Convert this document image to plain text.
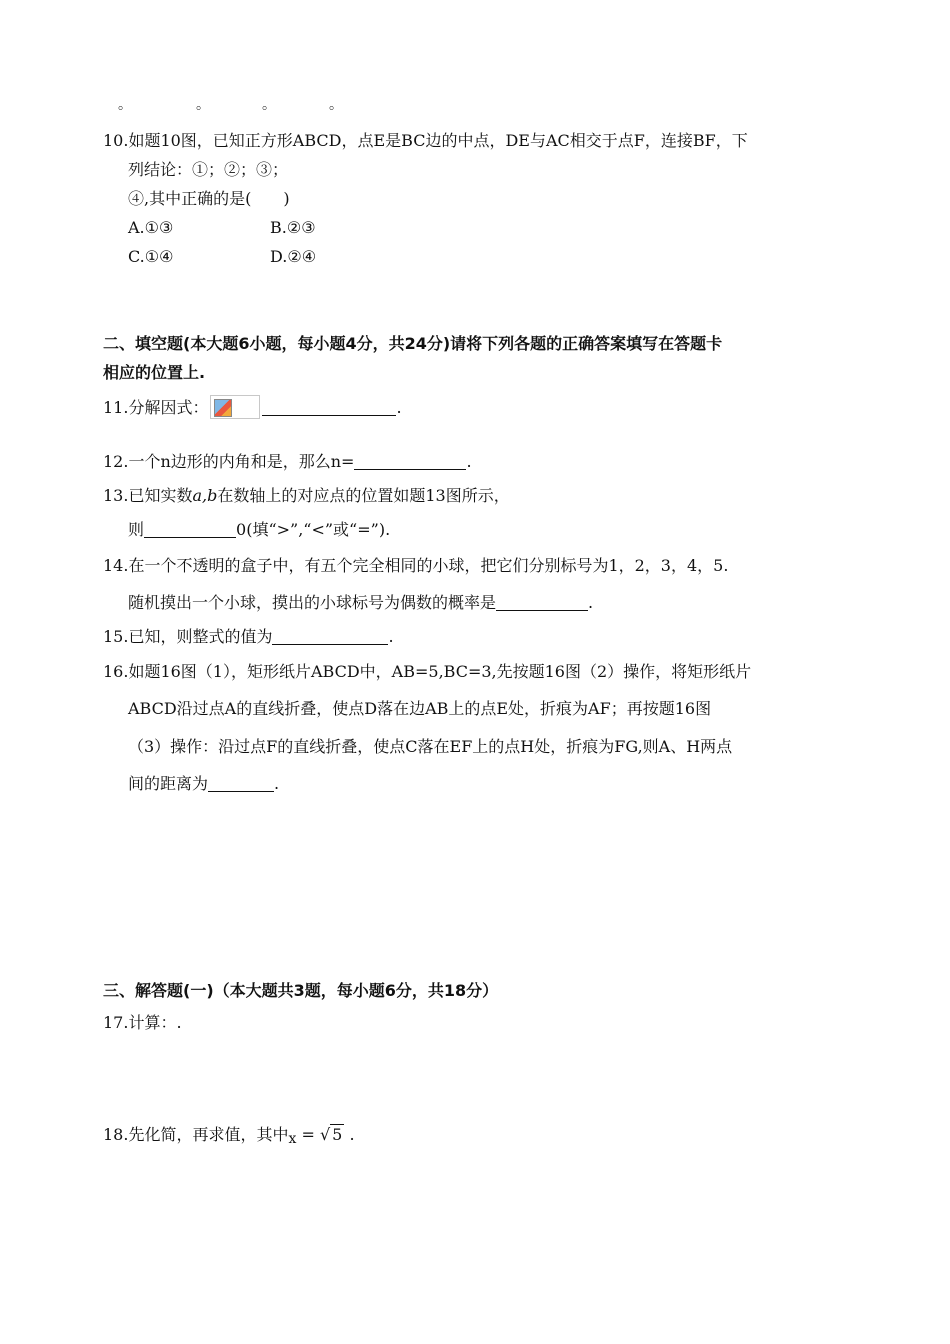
。	。	。	。
10.如题10图，已知正方形ABCD，点E是BC边的中点，DE与AC相交于点F，连接BF，下
列结论：①；②；③；
④,其中正确的是(　　)
A.①③	B.②③
C.①④	D.②④
二、填空题(本大题6小题，每小题4分，共24分)请将下列各题的正确答案填写在答题卡
相应的位置上.
11.分解因式：	.
12.一个n边形的内角和是，那么n=	.
13.已知实数a,b在数轴上的对应点的位置如题13图所示，
则	0(填“>”,“<”或“=”).
14.在一个不透明的盒子中，有五个完全相同的小球，把它们分别标号为1，2，3，4，5.
随机摸出一个小球，摸出的小球标号为偶数的概率是	.
15.已知，则整式的值为	.
16.如题16图（1），矩形纸片ABCD中，AB=5,BC=3,先按题16图（2）操作，将矩形纸片
ABCD沿过点A的直线折叠，使点D落在边AB上的点E处，折痕为AF；再按题16图
（3）操作：沿过点F的直线折叠，使点C落在EF上的点H处，折痕为FG,则A、H两点
间的距离为	.
三、解答题(一)（本大题共3题，每小题6分，共18分）
17.计算：.
18.先化简，再求值，其中x = √ 5 .
